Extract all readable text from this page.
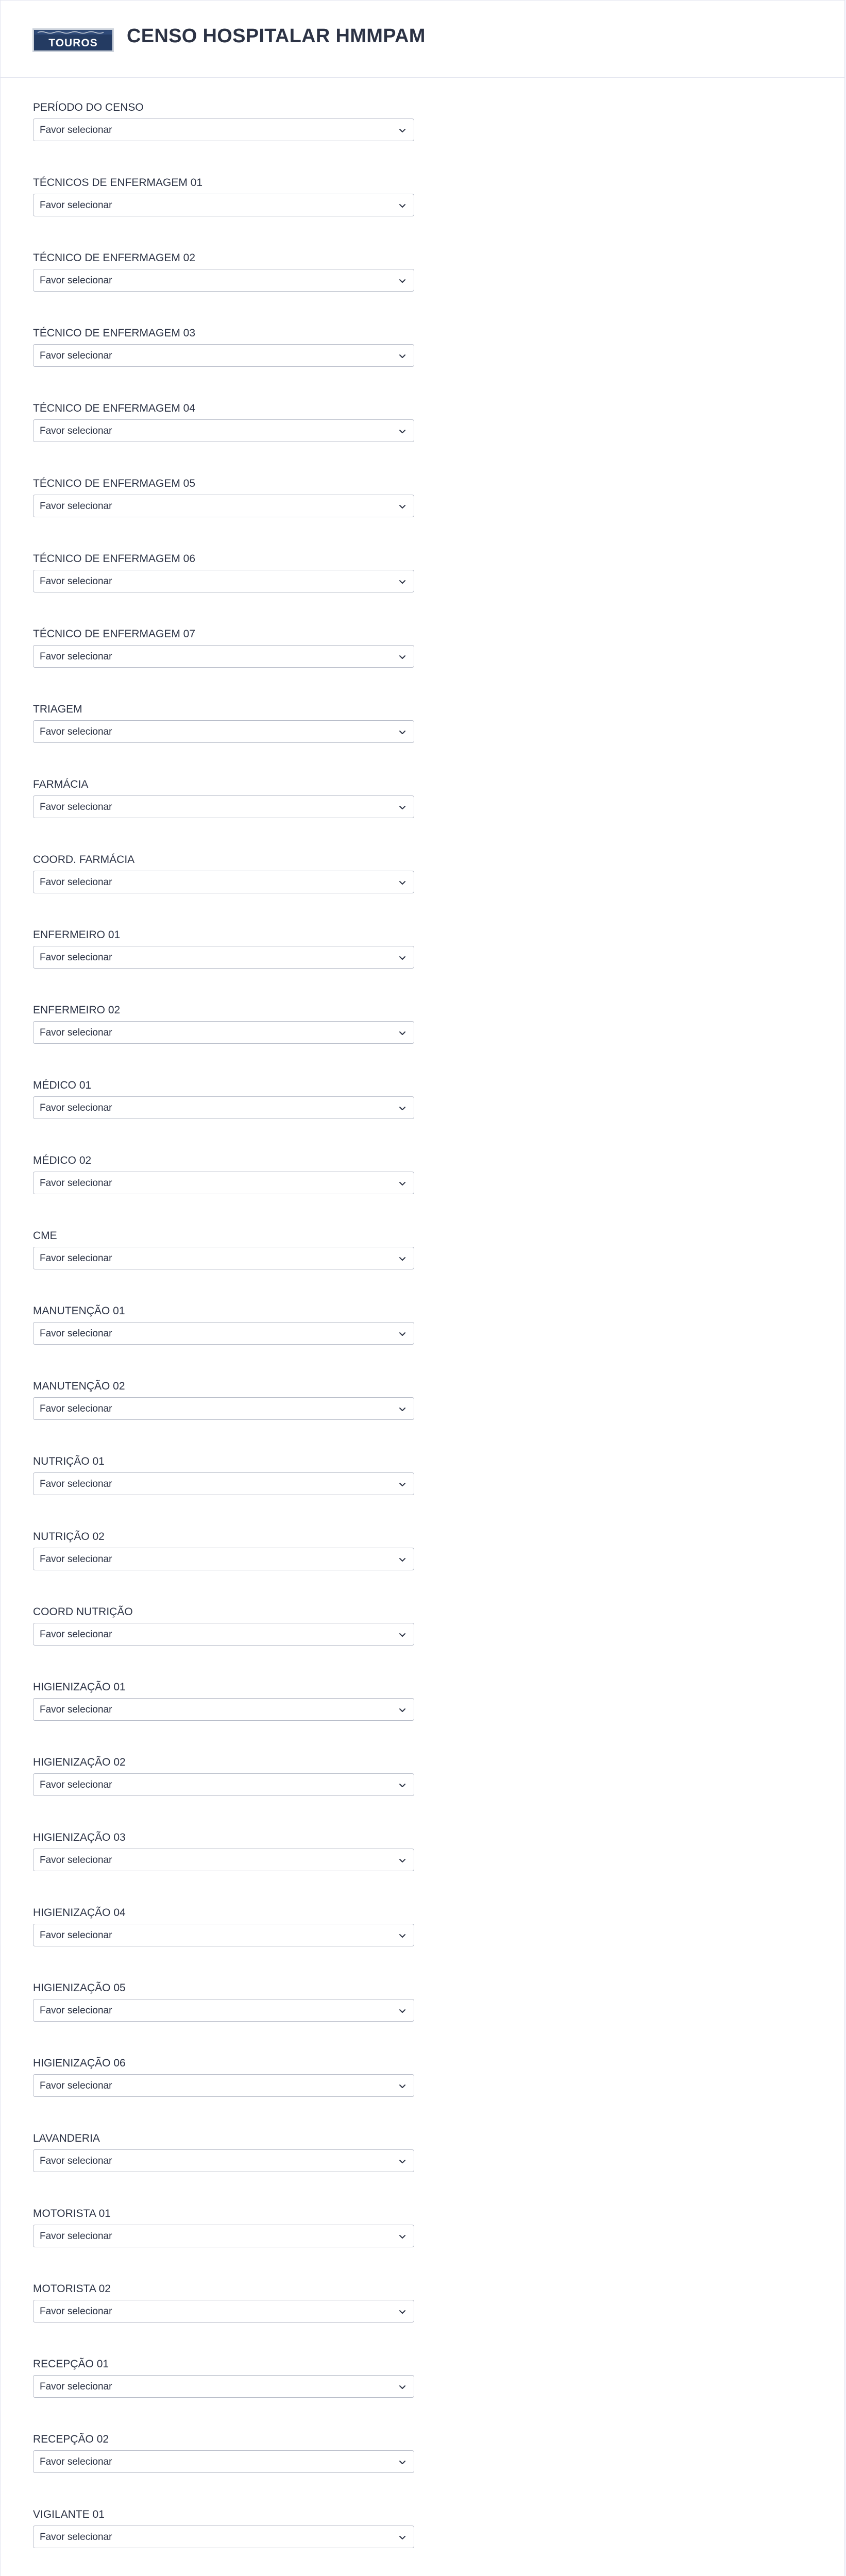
TOUROS CENSO HOSPITALAR HMMPAM
PERÍODO DO CENSO
Favor selecionar
TÉCNICOS DE ENFERMAGEM 01
Favor selecionar
TÉCNICO DE ENFERMAGEM 02
Favor selecionar
TÉCNICO DE ENFERMAGEM 03
Favor selecionar
TÉCNICO DE ENFERMAGEM 04
Favor selecionar
TÉCNICO DE ENFERMAGEM 05
Favor selecionar
TÉCNICO DE ENFERMAGEM 06
Favor selecionar
TÉCNICO DE ENFERMAGEM 07
Favor selecionar
TRIAGEM
Favor selecionar
FARMÁCIA
Favor selecionar
COORD. FARMÁCIA
Favor selecionar
ENFERMEIRO 01
Favor selecionar
ENFERMEIRO 02
Favor selecionar
MÉDICO 01
Favor selecionar
MÉDICO 02
Favor selecionar
CME
Favor selecionar
MANUTENÇÃO 01
Favor selecionar
MANUTENÇÃO 02
Favor selecionar
NUTRIÇÃO 01
Favor selecionar
NUTRIÇÃO 02
Favor selecionar
COORD NUTRIÇÃO
Favor selecionar
HIGIENIZAÇÃO 01
Favor selecionar
HIGIENIZAÇÃO 02
Favor selecionar
HIGIENIZAÇÃO 03
Favor selecionar
HIGIENIZAÇÃO 04
Favor selecionar
HIGIENIZAÇÃO 05
Favor selecionar
HIGIENIZAÇÃO 06
Favor selecionar
LAVANDERIA
Favor selecionar
MOTORISTA 01
Favor selecionar
MOTORISTA 02
Favor selecionar
RECEPÇÃO 01
Favor selecionar
RECEPÇÃO 02
Favor selecionar
VIGILANTE 01
Favor selecionar
